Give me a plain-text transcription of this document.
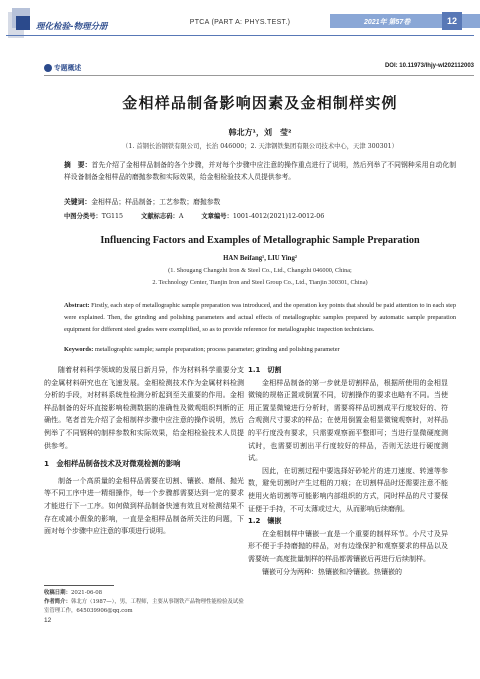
理化检验-物理分册	PTCA (PART A: PHYS.TEST.)	2021年 第57卷	12
专题概述	DOI: 10.11973/lhjy-wl202112003
金相样品制备影响因素及金相制样实例
韩北方¹，刘　莹²
（1. 首钢长治钢铁有限公司，长治 046000；2. 天津钢铁集团有限公司技术中心，天津 300301）
摘　要：首先介绍了金相样品制备的各个步骤，并对每个步骤中应注意的操作重点进行了说明，然后列举了不同钢种采用自动化制样设备制备金相样品的磨抛参数和实际效果，给金相检验技术人员提供参考。
关键词：金相样品；样品制备；工艺参数；磨抛参数
中图分类号：TG115	文献标志码：A	文章编号：1001-4012(2021)12-0012-06
Influencing Factors and Examples of Metallographic Sample Preparation
HAN Beifang¹, LIU Ying²
(1. Shougang Changzhi Iron & Steel Co., Ltd., Changzhi 046000, China;
2. Technology Center, Tianjin Iron and Steel Group Co., Ltd., Tianjin 300301, China)
Abstract: Firstly, each step of metallographic sample preparation was introduced, and the operation key points that should be paid attention to in each step were explained. Then, the grinding and polishing parameters and actual effects of metallographic samples prepared by automatic sample preparation equipment for different steel grades were exemplified, so as to provide reference for metallographic inspection technicians.
Keywords: metallographic sample; sample preparation; process parameter; grinding and polishing parameter

随着材料科学领域的发展日新月异，作为材料科学重要分支的金属材料研究也在飞速发展。金相检测技术作为金属材料检测分析的手段，对材料系统性检测分析起到至关重要的作用。金相样品制备的好坏直接影响检测数据的准确性及微观组织判断的正确性。笔者首先介绍了金相制样步骤中应注意的操作说明，然后例举了不同钢种的制样参数和实际效果，给金相检验技术人员提供参考。

1　金相样品制备技术及对微观检测的影响

制备一个高质量的金相样品需要在切割、镶嵌、磨削、抛光等不同工序中进一精细操作，每一个步骤都需要达到一定的要求才能进行下一工序。如何做到样品制备快速有效且对检测结果不存在或减小假象的影响，一直是金相样品制备所关注的问题，下面对每个步骤中应注意的事项进行说明。

1.1　切割

金相样品制备的第一步就是切割样品，根据所使用的金相显微镜的规格正置或倒置不同，切割操作的要求也略有不同。当使用正置显微镜进行分析时，需要将样品切割成平行度较好的、符合观测尺寸要求的样品；在使用倒置金相显微镜观察时，对样品的平行度没有要求，只需要观察面平整即可；当进行显微硬度测试时，也需要切割出平行度较好的样品，否则无法进行硬度测试。

因此，在切割过程中要选择好砂轮片的进刀速度、转速等参数，避免切割时产生过粗的刀痕；在切割样品时还需要注意不能使用火焰切割等可能影响内部组织的方式，同时样品的尺寸要保证便于手持，不可太薄或过大，从而影响后续磨削。

1.2　镶嵌

在金相制样中镶嵌一直是一个重要的制样环节。小尺寸及异形不便于手持磨抛的样品，对有边缘保护和观察要求的样品以及需要统一高度批量制样的样品都需镶嵌后再进行后续制样。

镶嵌可分为两种：热镶嵌和冷镶嵌。热镶嵌的

收稿日期：2021-06-08
作者简介：韩北方（1987—），男，工程师，主要从事钢铁产品物理性能检验及试验室管理工作，645039906@qq.com
12
